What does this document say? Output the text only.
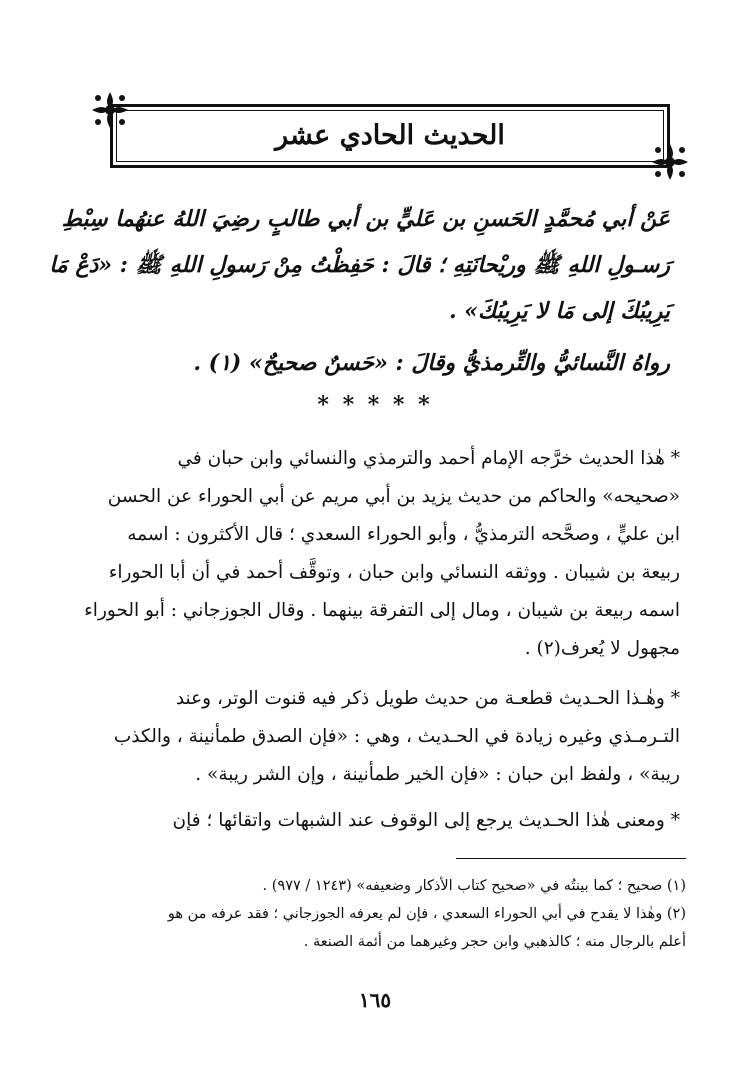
الحديث الحادي عشر
عَنْ أبي مُحمَّدٍ الحَسنِ بن عَليٍّ بن أبي طالبٍ رضِيَ اللهُ عنهُما سِبْطِ
رَسـولِ اللهِ ﷺ وريْحانَتِهِ ؛ قالَ : حَفِظْتُ مِنْ رَسولِ اللهِ ﷺ : «دَعْ مَا
يَرِيبُكَ إلى مَا لا يَرِيبُكَ» .
رواهُ النَّسائيُّ والتِّرمذيُّ وقالَ : «حَسنٌ صحيحٌ» (١) .
* * * * *
* هٰذا الحديث خرَّجه الإمام أحمد والترمذي والنسائي وابن حبان في
«صحيحه» والحاكم من حديث يزيد بن أبي مريم عن أبي الحوراء عن الحسن
ابن عليٍّ ، وصحَّحه الترمذيُّ ، وأبو الحوراء السعدي ؛ قال الأكثرون : اسمه
ربيعة بن شيبان . ووثقه النسائي وابن حبان ، وتوقَّف أحمد في أن أبا الحوراء
اسمه ربيعة بن شيبان ، ومال إلى التفرقة بينهما . وقال الجوزجاني : أبو الحوراء
مجهول لا يُعرف(٢) .
* وهٰـذا الحـديث قطعـة من حديث طويل ذكر فيه قنوت الوتر، وعند
التـرمـذي وغيره زيادة في الحـديث ، وهي : «فإن الصدق طمأنينة ، والكذب
ريبة» ، ولفظ ابن حبان : «فإن الخير طمأنينة ، وإن الشر ريبة» .
* ومعنى هٰذا الحـديث يرجع إلى الوقوف عند الشبهات واتقائها ؛ فإن
(١) صحيح ؛ كما بينتُه في «صحيح كتاب الأذكار وضعيفه» (١٢٤٣ / ٩٧٧) .
(٢) وهٰذا لا يقدح في أبي الحوراء السعدي ، فإن لم يعرفه الجوزجاني ؛ فقد عرفه من هو
أعلم بالرجال منه ؛ كالذهبي وابن حجر وغيرهما من أئمة الصنعة .
١٦٥
